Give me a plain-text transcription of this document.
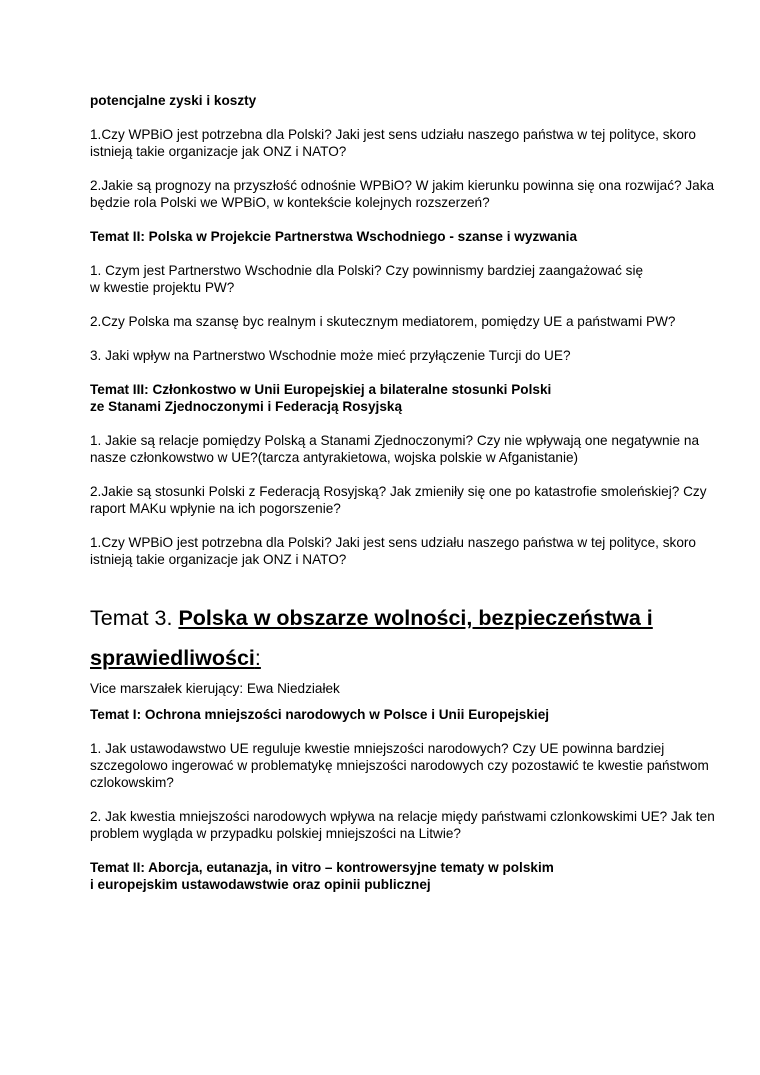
potencjalne zyski i koszty

1.Czy WPBiO jest potrzebna dla Polski? Jaki jest sens udziału naszego państwa w tej polityce, skoro
istnieją takie organizacje jak ONZ i NATO?

2.Jakie są prognozy na przyszłość odnośnie WPBiO? W jakim kierunku powinna się ona rozwijać? Jaka
będzie rola Polski we WPBiO, w kontekście kolejnych rozszerzeń?

Temat II: Polska w Projekcie Partnerstwa Wschodniego - szanse i wyzwania

1. Czym jest Partnerstwo Wschodnie dla Polski? Czy powinnismy bardziej zaangażować się
w kwestie projektu PW?

2.Czy Polska ma szansę byc realnym i skutecznym mediatorem, pomiędzy UE a państwami PW?

3. Jaki wpływ na Partnerstwo Wschodnie może mieć przyłączenie Turcji do UE?

Temat III: Członkostwo w Unii Europejskiej a bilateralne stosunki Polski
ze Stanami Zjednoczonymi i Federacją Rosyjską

1. Jakie są relacje pomiędzy Polską a Stanami Zjednoczonymi? Czy nie wpływają one negatywnie na
nasze członkowstwo w UE?(tarcza antyrakietowa, wojska polskie w Afganistanie)

2.Jakie są stosunki Polski z Federacją Rosyjską? Jak zmieniły się one po katastrofie smoleńskiej? Czy
raport MAKu wpłynie na ich pogorszenie?

1.Czy WPBiO jest potrzebna dla Polski? Jaki jest sens udziału naszego państwa w tej polityce, skoro
istnieją takie organizacje jak ONZ i NATO?

Temat 3. Polska w obszarze wolności, bezpieczeństwa i

sprawiedliwości:

Vice marszałek kierujący: Ewa Niedziałek

Temat I: Ochrona mniejszości narodowych w Polsce i Unii Europejskiej

1. Jak ustawodawstwo UE reguluje kwestie mniejszości narodowych? Czy UE powinna bardziej
szczegolowo ingerować w problematykę mniejszości narodowych czy pozostawić te kwestie państwom
czlokowskim?

2. Jak kwestia mniejszości narodowych wpływa na relacje międy państwami czlonkowskimi UE? Jak ten
problem wygląda w przypadku polskiej mniejszości na Litwie?

Temat II: Aborcja, eutanazja, in vitro – kontrowersyjne tematy w polskim
i europejskim ustawodawstwie oraz opinii publicznej
